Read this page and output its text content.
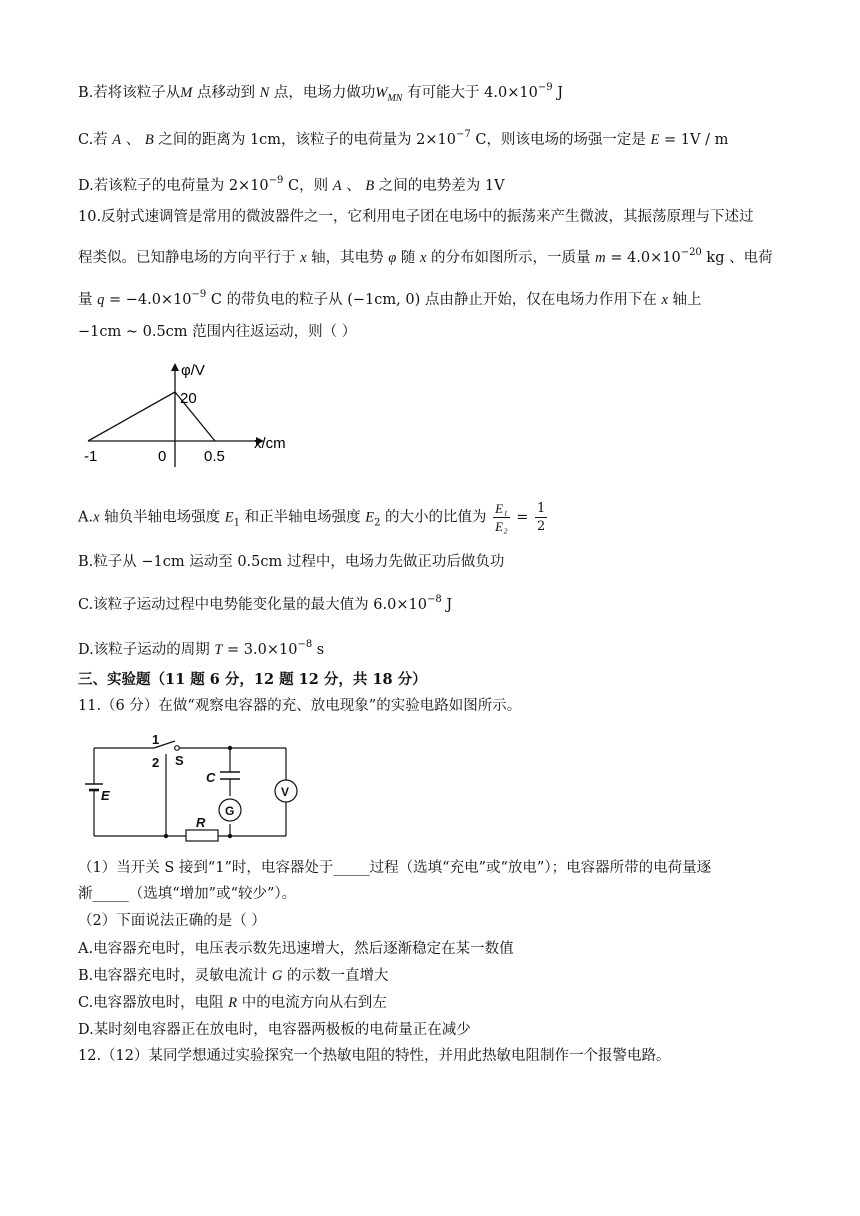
B.若将该粒子从M 点移动到 N 点，电场力做功$W_{MN}$ 有可能大于 $4.0\times 10^{-9}$ J
C.若 A 、 B 之间的距离为 1cm，该粒子的电荷量为 $2\times 10^{-7}$ C，则该电场的场强一定是 E = 1V / m
D.若该粒子的电荷量为 $2\times 10^{-9}$ C，则 A 、 B 之间的电势差为 1V
10.反射式速调管是常用的微波器件之一，它利用电子团在电场中的振荡来产生微波，其振荡原理与下述过
程类似。已知静电场的方向平行于 x 轴，其电势 φ 随 x 的分布如图所示，一质量 $m = 4.0\times 10^{-20}$ kg 、电荷
量 $q = -4.0\times 10^{-9}$ C 的带负电的粒子从 (−1cm, 0) 点由静止开始，仅在电场力作用下在 x 轴上
−1cm ~ 0.5cm 范围内往返运动，则（ ）
φ/V
x/cm
20
-1	0	0.5
A.x 轴负半轴电场强度 $E_1$ 和正半轴电场强度 $E_2$ 的大小的比值为 $\frac{\text{E₁}}{\text{E₂}} = \frac{1}{2}$
B.粒子从 −1cm 运动至 0.5cm 过程中，电场力先做正功后做负功
C.该粒子运动过程中电势能变化量的最大值为 $6.0\times 10^{-8}$ J
D.该粒子运动的周期 $T = 3.0\times 10^{-8}$ s
三、实验题（11 题 6 分，12 题 12 分，共 18 分）
11.（6 分）在做“观察电容器的充、放电现象”的实验电路如图所示。
1
2 S
C
E
G
V
R
（1）当开关 S 接到“1”时，电容器处于_____过程（选填“充电”或“放电”）；电容器所带的电荷量逐
渐_____（选填“增加”或“较少”）。
（2）下面说法正确的是（ ）
A.电容器充电时，电压表示数先迅速增大，然后逐渐稳定在某一数值
B.电容器充电时，灵敏电流计 G 的示数一直增大
C.电容器放电时，电阻 R 中的电流方向从右到左
D.某时刻电容器正在放电时，电容器两极板的电荷量正在减少
12.（12）某同学想通过实验探究一个热敏电阻的特性，并用此热敏电阻制作一个报警电路。
